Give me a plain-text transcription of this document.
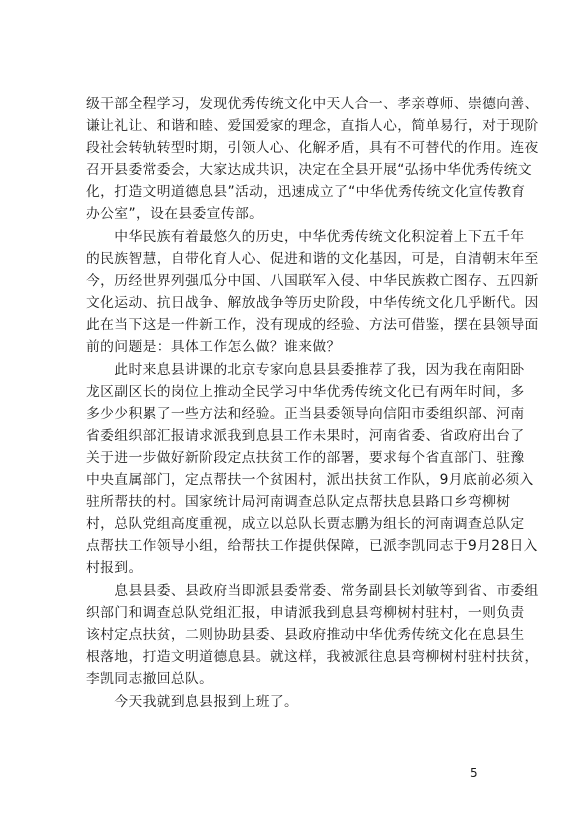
级干部全程学习，发现优秀传统文化中天人合一、孝亲尊师、崇德向善、
谦让礼让、和谐和睦、爱国爱家的理念，直指人心，简单易行，对于现阶
段社会转轨转型时期，引领人心、化解矛盾，具有不可替代的作用。连夜
召开县委常委会，大家达成共识，决定在全县开展“弘扬中华优秀传统文
化，打造文明道德息县”活动，迅速成立了“中华优秀传统文化宣传教育
办公室”，设在县委宣传部。
　　中华民族有着最悠久的历史，中华优秀传统文化积淀着上下五千年
的民族智慧，自带化育人心、促进和谐的文化基因，可是，自清朝末年至
今，历经世界列强瓜分中国、八国联军入侵、中华民族救亡图存、五四新
文化运动、抗日战争、解放战争等历史阶段，中华传统文化几乎断代。因
此在当下这是一件新工作，没有现成的经验、方法可借鉴，摆在县领导面
前的问题是：具体工作怎么做？谁来做？
　　此时来息县讲课的北京专家向息县县委推荐了我，因为我在南阳卧
龙区副区长的岗位上推动全民学习中华优秀传统文化已有两年时间，多
多少少积累了一些方法和经验。正当县委领导向信阳市委组织部、河南
省委组织部汇报请求派我到息县工作未果时，河南省委、省政府出台了
关于进一步做好新阶段定点扶贫工作的部署，要求每个省直部门、驻豫
中央直属部门，定点帮扶一个贫困村，派出扶贫工作队，9月底前必须入
驻所帮扶的村。国家统计局河南调查总队定点帮扶息县路口乡弯柳树
村，总队党组高度重视，成立以总队长贾志鹏为组长的河南调查总队定
点帮扶工作领导小组，给帮扶工作提供保障，已派李凯同志于9月28日入
村报到。
　　息县县委、县政府当即派县委常委、常务副县长刘敏等到省、市委组
织部门和调查总队党组汇报，申请派我到息县弯柳树村驻村，一则负责
该村定点扶贫，二则协助县委、县政府推动中华优秀传统文化在息县生
根落地，打造文明道德息县。就这样，我被派往息县弯柳树村驻村扶贫，
李凯同志撤回总队。
　　今天我就到息县报到上班了。
5
